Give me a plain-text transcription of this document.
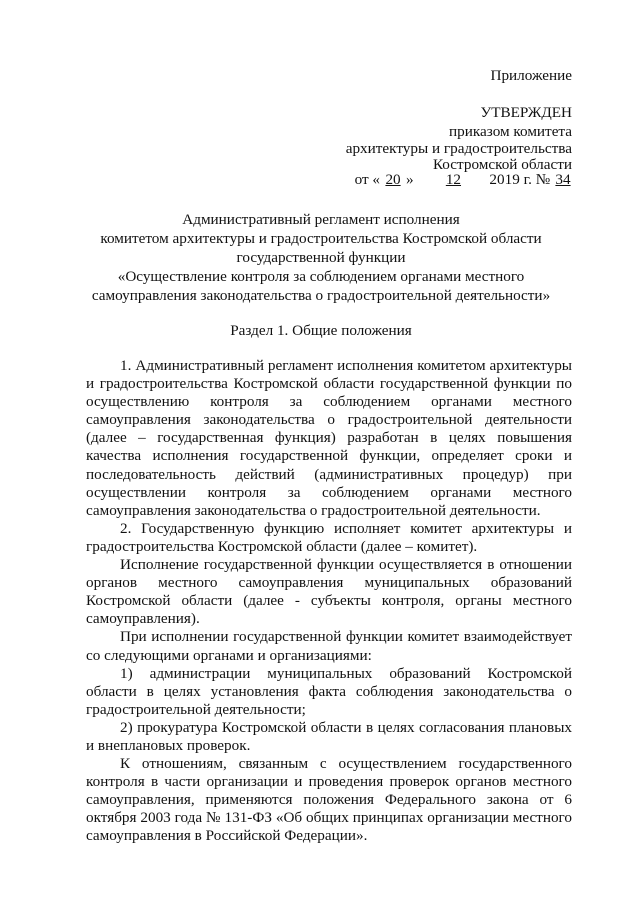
Приложение
УТВЕРЖДЕН
приказом комитета
архитектуры и градостроительства
Костромской области
от « 20 » 12 2019 г. № 34
Административный регламент исполнения
комитетом архитектуры и градостроительства Костромской области
государственной функции
«Осуществление контроля за соблюдением органами местного
самоуправления законодательства о градостроительной деятельности»
Раздел 1. Общие положения

1. Административный регламент исполнения комитетом архитектуры и градостроительства Костромской области государственной функции по осуществлению контроля за соблюдением органами местного самоуправления законодательства о градостроительной деятельности (далее – государственная функция) разработан в целях повышения качества исполнения государственной функции, определяет сроки и последовательность действий (административных процедур) при осуществлении контроля за соблюдением органами местного самоуправления законодательства о градостроительной деятельности.

2. Государственную функцию исполняет комитет архитектуры и градостроительства Костромской области (далее – комитет).

Исполнение государственной функции осуществляется в отношении органов местного самоуправления муниципальных образований Костромской области (далее - субъекты контроля, органы местного самоуправления).

При исполнении государственной функции комитет взаимодействует со следующими органами и организациями:

1) администрации муниципальных образований Костромской области в целях установления факта соблюдения законодательства о градостроительной деятельности;

2) прокуратура Костромской области в целях согласования плановых и внеплановых проверок.

К отношениям, связанным с осуществлением государственного контроля в части организации и проведения проверок органов местного самоуправления, применяются положения Федерального закона от 6 октября 2003 года № 131-ФЗ «Об общих принципах организации местного самоуправления в Российской Федерации».
